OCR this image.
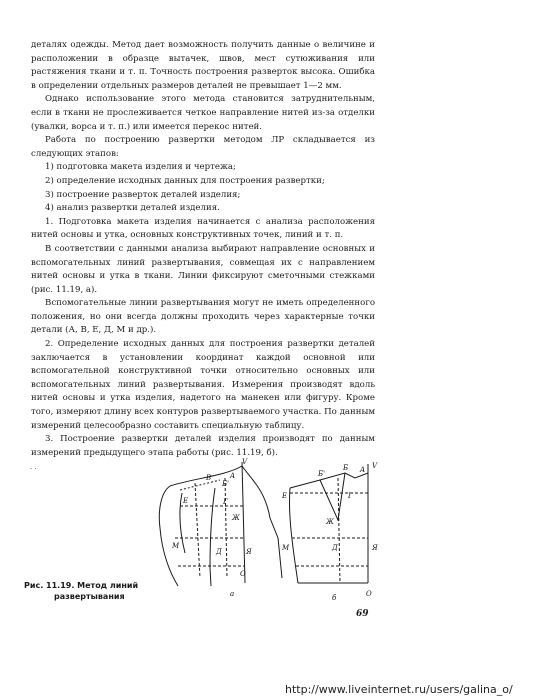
деталях одежды. Метод дает возможность получить данные о величине и расположении в образце вытачек, швов, мест сутюживания или растяжения ткани и т. п. Точность построения разверток высока. Ошибка в определении отдельных размеров деталей не превышает 1—2 мм.

Однако использование этого метода становится затруднительным, если в ткани не прослеживается четкое направление нитей из-за отделки (увалки, ворса и т. п.) или имеется перекос нитей.

Работа по построению развертки методом ЛР складывается из следующих этапов:

1) подготовка макета изделия и чертежа;

2) определение исходных данных для построения развертки;

3) построение разверток деталей изделия;

4) анализ развертки деталей изделия.

1. Подготовка макета изделия начинается с анализа расположения нитей основы и утка, основных конструктивных точек, линий и т. п.

В соответствии с данными анализа выбирают направление основных и вспомогательных линий развертывания, совмещая их с направлением нитей основы и утка в ткани. Линии фиксируют сметочными стежками (рис. 11.19, а).

Вспомогательные линии развертывания могут не иметь определенного положения, но они всегда должны проходить через характерные точки детали (А, В, Е, Д, М и др.).

2. Определение исходных данных для построения развертки деталей заключается в установлении координат каждой основной или вспомогательной конструктивной точки относительно основных или вспомогательных линий развертывания. Измерения производят вдоль нитей основы и утка изделия, надетого на манекен или фигуру. Кроме того, измеряют длину всех контуров развертываемого участка. По данным измерений целесообразно составить специальную таблицу.

3. Построение развертки деталей изделия производят по данным измерений предыдущего этапа работы (рис. 11.19, б).

. .
V
A
B
Б'
E	Г
Ж
M
Д	Я
O
V
A
Б'
Б
E	Г
Ж
Д
M	Я
O
а	б
Рис. 11.19. Метод линий
развертывания
69
http://www.liveinternet.ru/users/galina_o/
